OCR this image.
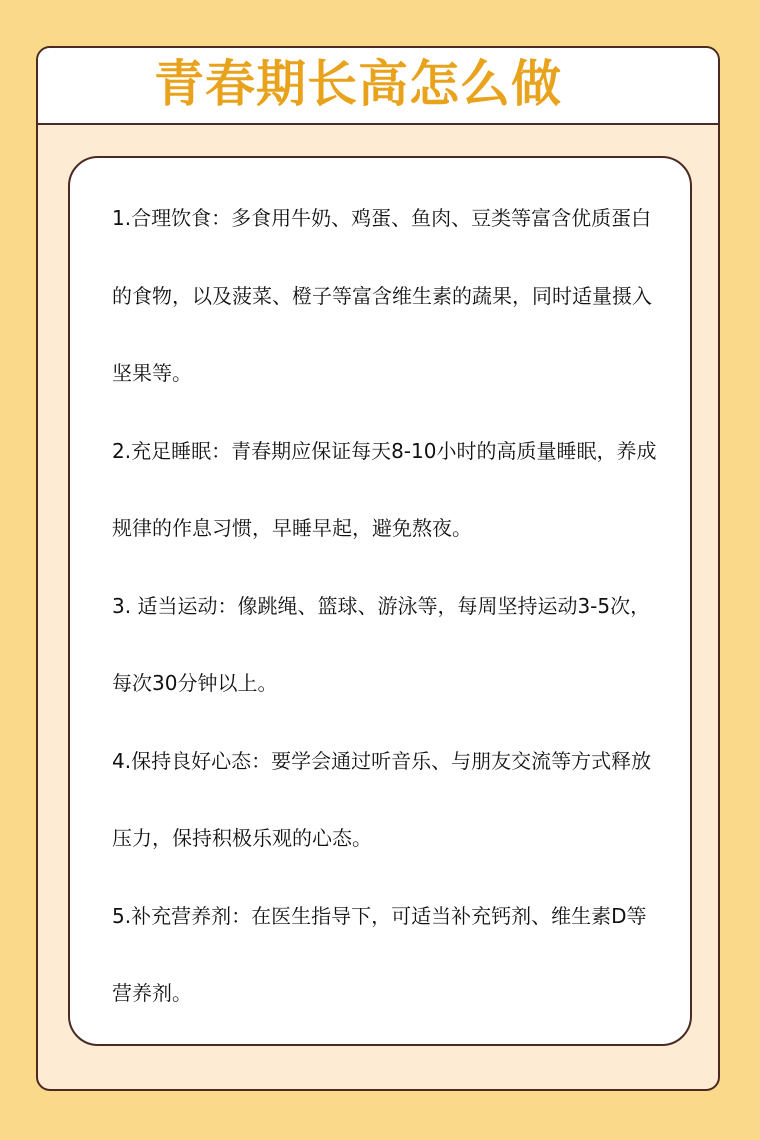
青春期长高怎么做

1.合理饮食：多食用牛奶、鸡蛋、鱼肉、豆类等富含优质蛋白的食物，以及菠菜、橙子等富含维生素的蔬果，同时适量摄入坚果等。

2.充足睡眠：青春期应保证每天8-10小时的高质量睡眠，养成规律的作息习惯，早睡早起，避免熬夜。

3. 适当运动：像跳绳、篮球、游泳等，每周坚持运动3-5次，每次30分钟以上。

4.保持良好心态：要学会通过听音乐、与朋友交流等方式释放压力，保持积极乐观的心态。

5.补充营养剂：在医生指导下，可适当补充钙剂、维生素D等营养剂。
